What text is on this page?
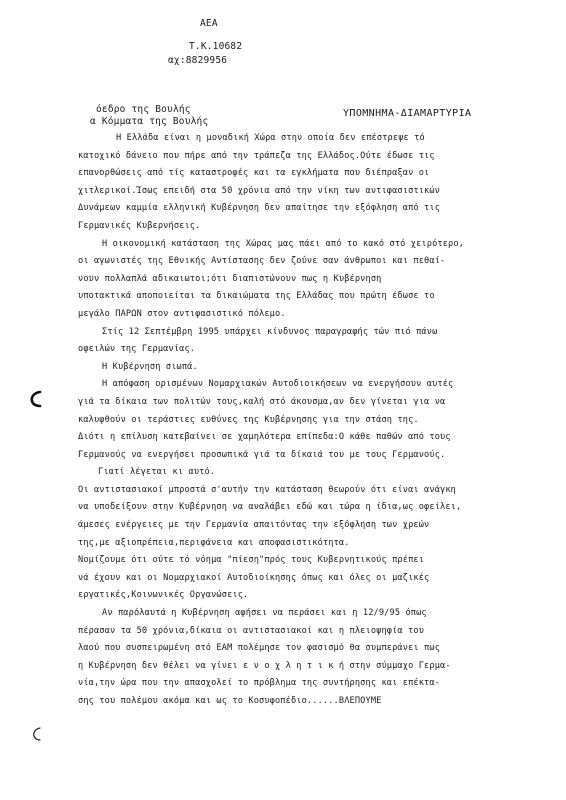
ΑΕΑ
Τ.Κ.10682
αχ:8829956
όεδρο της Βουλής
α Κόμματα της Βουλής
ΥΠΟΜΝΗΜΑ-ΔΙΑΜΑΡΤΥΡΙΑ
Η Ελλάδα είναι η μοναδική Χώρα στην οποία δεν επέστρεψε τό
κατοχικό δάνειο που πήρε από την τράπεζα της Ελλάδος.Ούτε έδωσε τις
επανορθώσεις από τίς καταστροφές και τα εγκλήματα που διέπραξαν οι
χιτλερικοί.Ίσως επειδή στα 50 χρόνια από την νίκη των αντιφασιστικών
Δυνάμεων καμμία ελληνική Κυβέρνηση δεν απαίτησε την εξόφληση από τις
Γερμανικές Κυβερνήσεις.
Η οικονομική κατάσταση της Χώρας μας πάει από το κακό στό χειρότερο,
οι αγωνιστές της Εθνικής Αντίστασης δεν ζούνε σαν άνθρωποι και πεθαί-
νουν πολλαπλά αδικαιωτοι;ότι διαπιστώνουν πως η Κυβέρνηση
υποτακτικά αποποιείται τα δικαιώματα της Ελλάδας που πρώτη έδωσε το
μεγάλο ΠΑΡΩΝ στον αντιφασιστικό πόλεμο.
Στίς 12 Σεπτέμβρη 1995 υπάρχει κίνδυνος παραγραφής τών πιό πάνω
οφειλών της Γερμανίας.
Η Κυβέρνηση σιωπά.
Η απόφαση ορισμένων Νομαρχιακών Αυτοδιοικήσεων να ενεργήσουν αυτές
γιά τα δίκαια των πολιτών τους,καλή στό άκουσμα,αν δεν γίνεται για να
καλυφθούν οι τεράστιες ευθύνες της Κυβέρνησης για την στάση της.
Διότι η επίλυση κατεβαίνει σε χαμηλότερα επίπεδα:Ο κάθε παθών από τους
Γερμανούς να ενεργήσει προσωπικά γιά τα δίκαιά του με τους Γερμανούς.
Γιατί λέγεται κι αυτό.
Οι αντιστασιακοί μπροστά σ'αυτήν την κατάσταση θεωρούν ότι είναι ανάγκη
να υποδείξουν στην Κυβέρνηση να αναλάβει εδώ και τώρα η ίδια,ως οφείλει,
άμεσες ενέργειες με την Γερμανία απαιτόντας την εξόφληση των χρεών
της,με αξιοπρέπεια,περιφάνεια και αποφασιστικότητα.
Νομίζουμε ότι ούτε τό νόημα "πίεση"πρός τους Κυβερνητικούς πρέπει
νά έχουν και οι Νομαρχιακοί Αυτοδιοίκησης όπως και όλες οι μαζικές
εργατικές,Κοινωνικές Οργανώσεις.
Αν παρόλαυτά η Κυβέρνηση αφήσει να περάσει και η 12/9/95 όπως
πέρασαν τα 50 χρόνια,δίκαια οι αντιστασιακοί και η πλειοψηφία του
λαού που συσπειρωμένη στό ΕΑΜ πολέμησε τον φασισμό θα συμπεράνει πως
η Κυβέρνηση δεν θέλει να γίνει ε ν ο χ λ η τ ι κ ή στην σύμμαχο Γερμα-
νία,την ώρα που την απασχολεί το πρόβλημα της συντήρησης και επέκτα-
σης του πολέμου ακόμα και ως το Κοσυφοπέδιο......ΒΛΕΠΟΥΜΕ
